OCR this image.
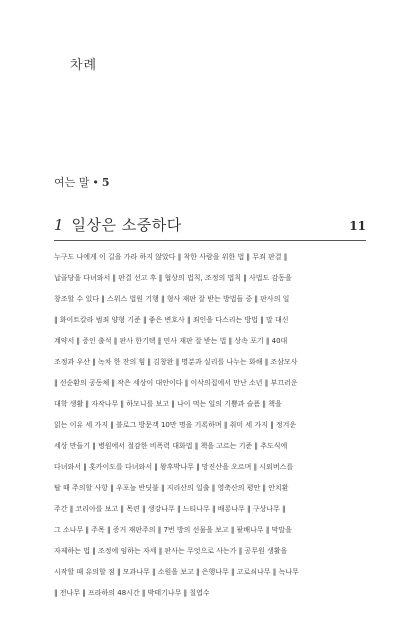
차례
여는 말 • 5
1 일상은 소중하다	11
누구도 나에게 이 길을 가라 하지 않았다 ‖ 착한 사람을 위한 법 ‖ 무죄 판결 ‖
납골당을 다녀와서 ‖ 판결 선고 후 ‖ 협상의 법칙, 조정의 법칙 ‖ 사법도 감동을
창조할 수 있다 ‖ 스위스 법원 기행 ‖ 형사 재판 잘 받는 방법들 중 ‖ 판사의 일
‖ 화이트칼라 범죄 양형 기준 ‖ 좋은 변호사 ‖ 죄인을 다스리는 방법 ‖ 말 대신
계약서 ‖ 증인 출석 ‖ 판사 한기택 ‖ 민사 재판 잘 받는 법 ‖ 상속 포기 ‖ 40대
조정과 우산 ‖ 녹차 한 잔의 힘 ‖ 김창완 ‖ 명분과 실리를 나누는 화해 ‖ 조삼모사
‖ 선순환의 공동체 ‖ 작은 세상이 대안이다 ‖ 이삭의집에서 만난 소년 ‖ 부끄러운
대학 생활 ‖ 자작나무 ‖ 하모니를 보고 ‖ 나이 먹는 일의 기쁨과 슬픔 ‖ 책을
읽는 이유 세 가지 ‖ 블로그 방문객 10만 명을 기록하며 ‖ 취미 세 가지 ‖ 정겨운
세상 만들기 ‖ 병원에서 절감한 비폭력 대화법 ‖ 책을 고르는 기준 ‖ 추도식에
다녀와서 ‖ 홋카이도를 다녀와서 ‖ 왕후박나무 ‖ 망진산을 오르며 ‖ 시외버스를
탈 때 주의할 사항 ‖ 우포늪 반딧불 ‖ 지리산의 일출 ‖ 영축산의 평안 ‖ 안치환
주간 ‖ 코리아를 보고 ‖ 목련 ‖ 생강나무 ‖ 느티나무 ‖ 배롱나무 ‖ 구상나무 ‖
그 소나무 ‖ 주목 ‖ 증거 재판주의 ‖ 7번 방의 선물을 보고 ‖ 팥배나무 ‖ 막말을
자제하는 법 ‖ 조정에 임하는 자세 ‖ 판사는 무엇으로 사는가 ‖ 공무원 생활을
시작할 때 유의할 점 ‖ 모과나무 ‖ 소원을 보고 ‖ 은행나무 ‖ 고로쇠나무 ‖ 녹나무
‖ 전나무 ‖ 프라하의 48시간 ‖ 박태기나무 ‖ 칠엽수
